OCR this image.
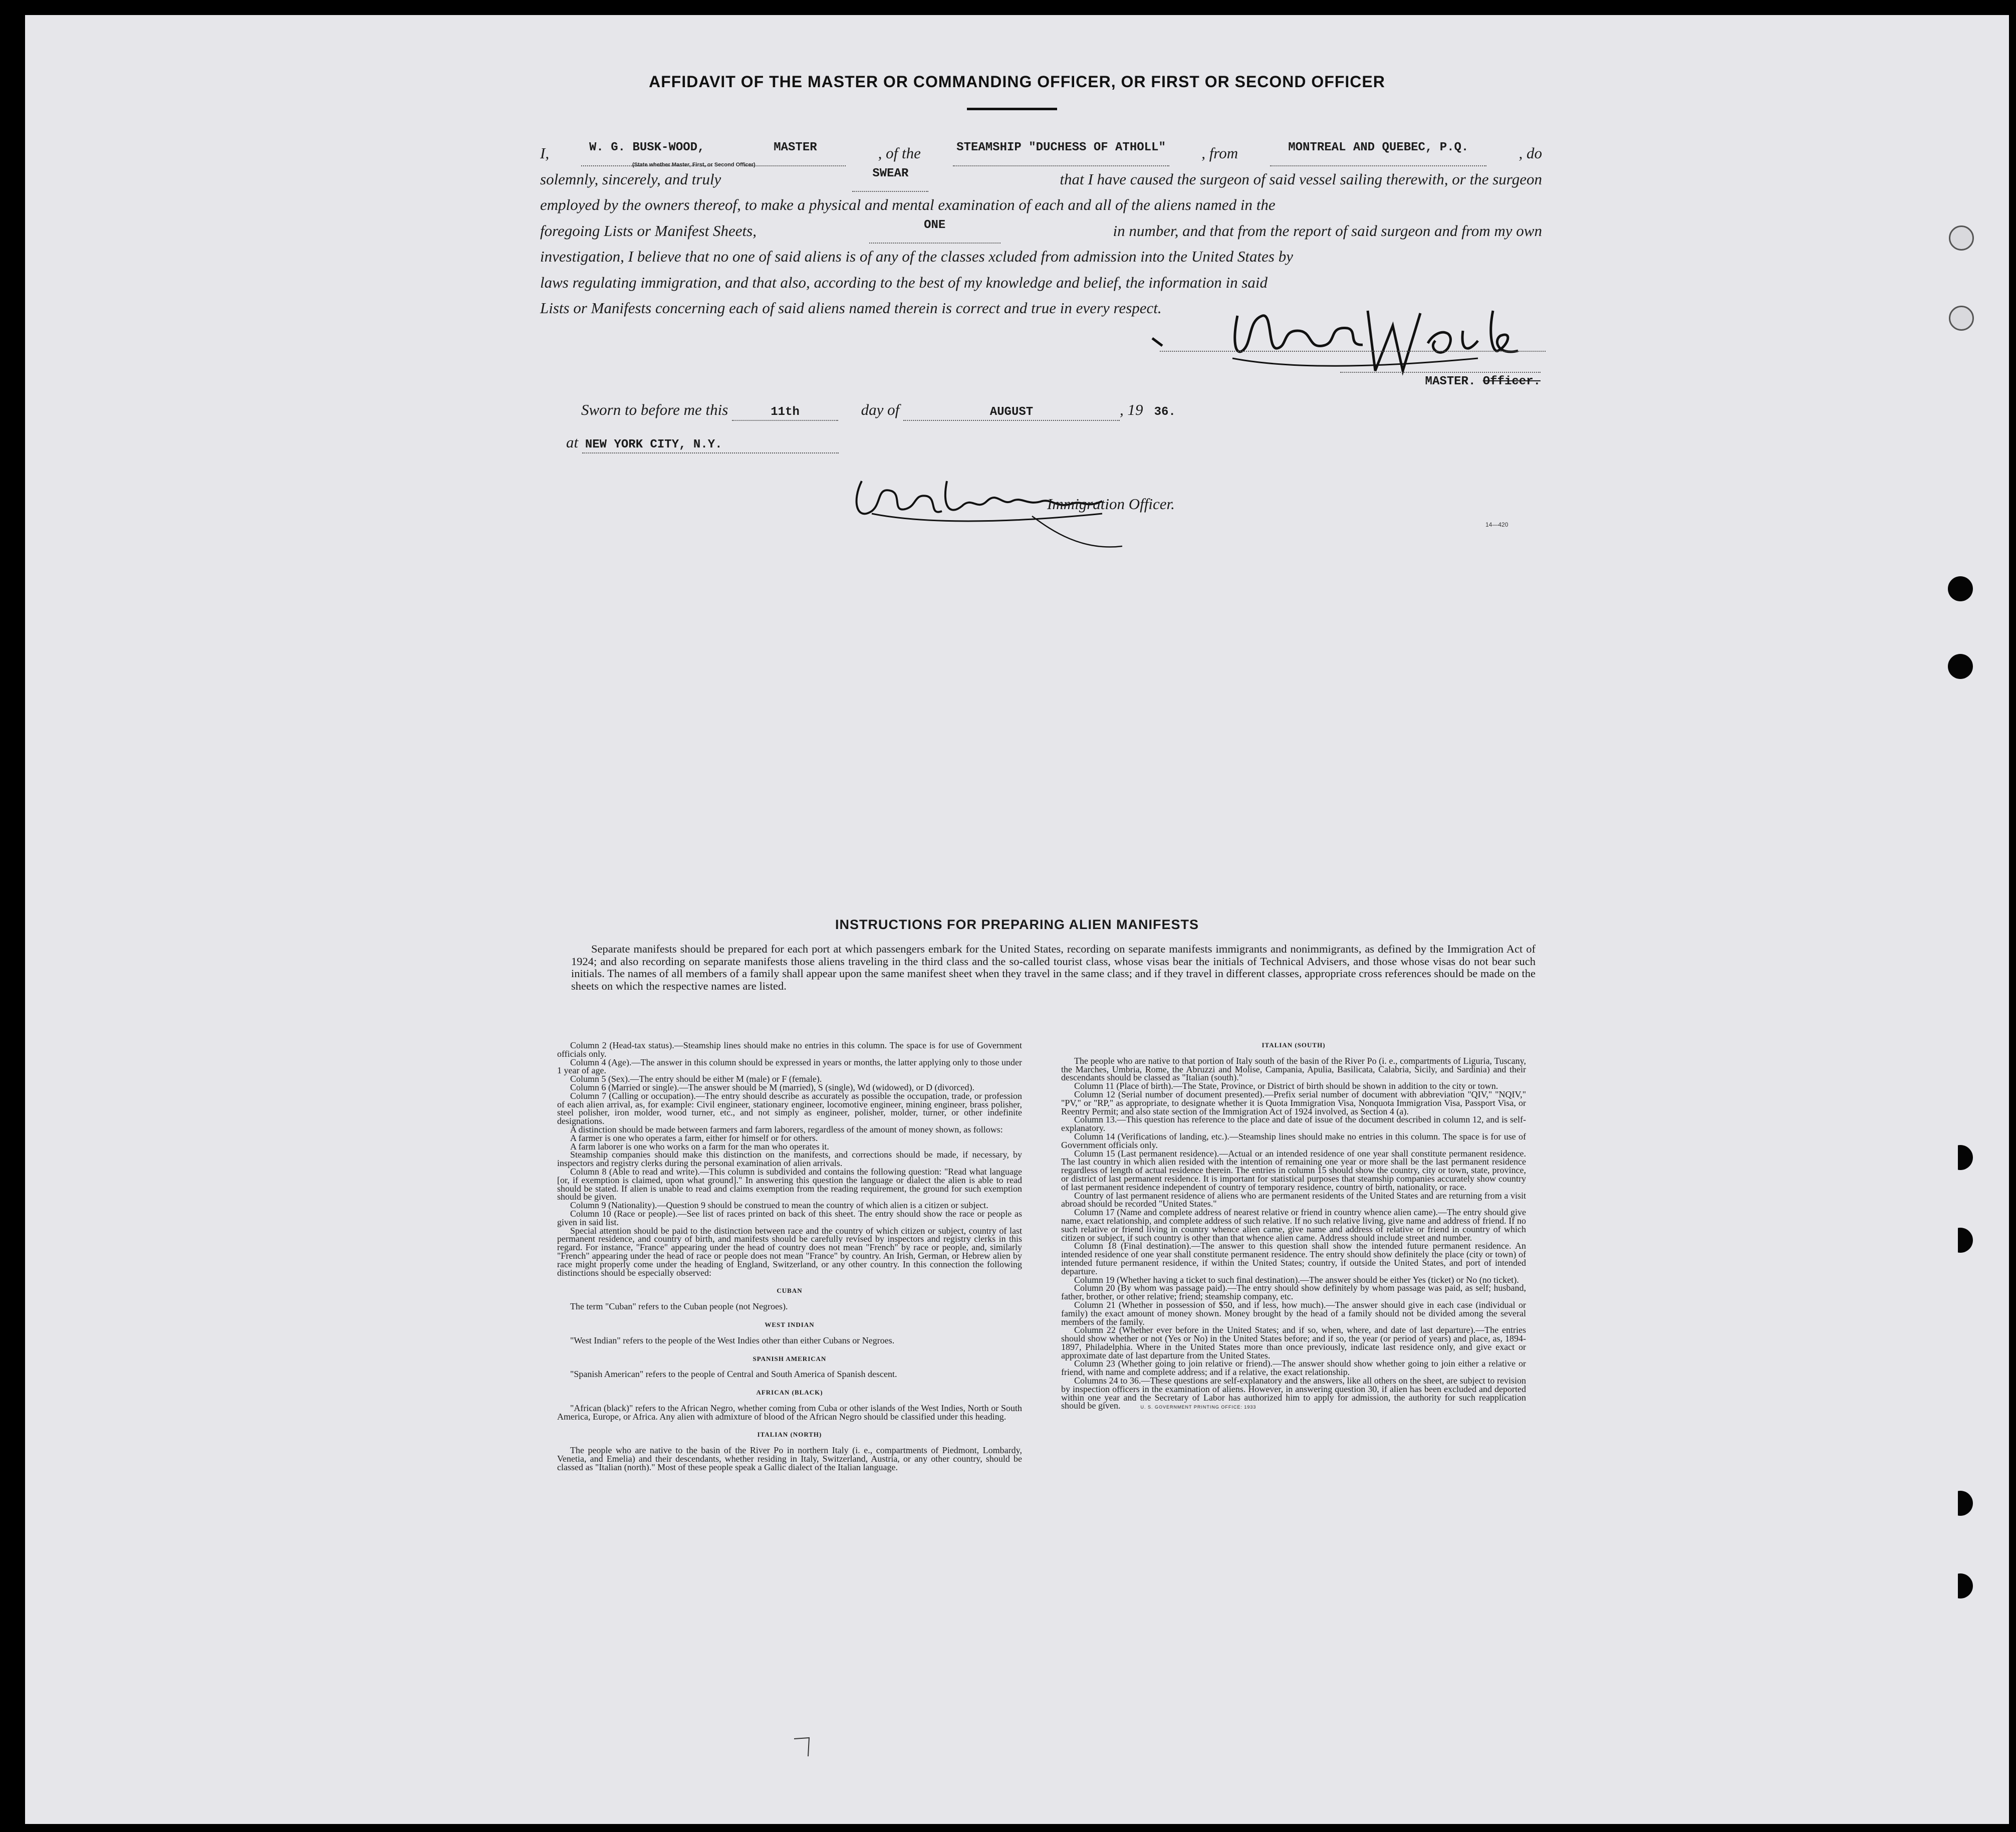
AFFIDAVIT OF THE MASTER OR COMMANDING OFFICER, OR FIRST OR SECOND OFFICER

I,	W. G. BUSK-WOOD,	MASTER	, of the	STEAMSHIP "DUCHESS OF ATHOLL" , from	MONTREAL AND QUEBEC, P.Q.	, do

solemnly, sincerely, and truly	SWEAR	that I have caused the surgeon of said vessel sailing therewith, or the surgeon

employed by the owners thereof, to make a physical and mental examination of each and all of the aliens named in the

foregoing Lists or Manifest Sheets,	ONE	in number, and that from the report of said surgeon and from my own

investigation, I believe that no one of said aliens is of any of the classes xcluded from admission into the United States by

laws regulating immigration, and that also, according to the best of my knowledge and belief, the information in said

Lists or Manifests concerning each of said aliens named therein is correct and true in every respect.

(State whether Master, First, or Second Officer)
MASTER. Officer.
Sworn to before me this	11th	day of	AUGUST	, 19 36.
at NEW YORK CITY, N.Y.
Immigration Officer.
14—420
INSTRUCTIONS FOR PREPARING ALIEN MANIFESTS
Separate manifests should be prepared for each port at which passengers embark for the United States, recording on separate manifests immigrants and nonimmigrants, as defined by the Immigration Act of 1924; and also recording on separate manifests those aliens traveling in the third class and the so-called tourist class, whose visas bear the initials of Technical Advisers, and those whose visas do not bear such initials. The names of all members of a family shall appear upon the same manifest sheet when they travel in the same class; and if they travel in different classes, appropriate cross references should be made on the sheets on which the respective names are listed.

Column 2 (Head-tax status).—Steamship lines should make no entries in this column. The space is for use of Government officials only.

Column 4 (Age).—The answer in this column should be expressed in years or months, the latter applying only to those under 1 year of age.

Column 5 (Sex).—The entry should be either M (male) or F (female).

Column 6 (Married or single).—The answer should be M (married), S (single), Wd (widowed), or D (divorced).

Column 7 (Calling or occupation).—The entry should describe as accurately as possible the occupation, trade, or profession of each alien arrival, as, for example: Civil engineer, stationary engineer, locomotive engineer, mining engineer, brass polisher, steel polisher, iron molder, wood turner, etc., and not simply as engineer, polisher, molder, turner, or other indefinite designations.

A distinction should be made between farmers and farm laborers, regardless of the amount of money shown, as follows:

A farmer is one who operates a farm, either for himself or for others.

A farm laborer is one who works on a farm for the man who operates it.

Steamship companies should make this distinction on the manifests, and corrections should be made, if necessary, by inspectors and registry clerks during the personal examination of alien arrivals.

Column 8 (Able to read and write).—This column is subdivided and contains the following question: "Read what language [or, if exemption is claimed, upon what ground]." In answering this question the language or dialect the alien is able to read should be stated. If alien is unable to read and claims exemption from the reading requirement, the ground for such exemption should be given.

Column 9 (Nationality).—Question 9 should be construed to mean the country of which alien is a citizen or subject.

Column 10 (Race or people).—See list of races printed on back of this sheet. The entry should show the race or people as given in said list.

Special attention should be paid to the distinction between race and the country of which citizen or subject, country of last permanent residence, and country of birth, and manifests should be carefully revised by inspectors and registry clerks in this regard. For instance, "France" appearing under the head of country does not mean "French" by race or people, and, similarly "French" appearing under the head of race or people does not mean "France" by country. An Irish, German, or Hebrew alien by race might properly come under the heading of England, Switzerland, or any other country. In this connection the following distinctions should be especially observed:

CUBAN

The term "Cuban" refers to the Cuban people (not Negroes).

WEST INDIAN

"West Indian" refers to the people of the West Indies other than either Cubans or Negroes.

SPANISH AMERICAN

"Spanish American" refers to the people of Central and South America of Spanish descent.

AFRICAN (BLACK)

"African (black)" refers to the African Negro, whether coming from Cuba or other islands of the West Indies, North or South America, Europe, or Africa. Any alien with admixture of blood of the African Negro should be classified under this heading.

ITALIAN (NORTH)

The people who are native to the basin of the River Po in northern Italy (i. e., compartments of Piedmont, Lombardy, Venetia, and Emelia) and their descendants, whether residing in Italy, Switzerland, Austria, or any other country, should be classed as "Italian (north)." Most of these people speak a Gallic dialect of the Italian language.

ITALIAN (SOUTH)

The people who are native to that portion of Italy south of the basin of the River Po (i. e., compartments of Liguria, Tuscany, the Marches, Umbria, Rome, the Abruzzi and Molise, Campania, Apulia, Basilicata, Calabria, Sicily, and Sardinia) and their descendants should be classed as "Italian (south)."

Column 11 (Place of birth).—The State, Province, or District of birth should be shown in addition to the city or town.

Column 12 (Serial number of document presented).—Prefix serial number of document with abbreviation "QIV," "NQIV," "PV," or "RP," as appropriate, to designate whether it is Quota Immigration Visa, Nonquota Immigration Visa, Passport Visa, or Reentry Permit; and also state section of the Immigration Act of 1924 involved, as Section 4 (a).

Column 13.—This question has reference to the place and date of issue of the document described in column 12, and is self-explanatory.

Column 14 (Verifications of landing, etc.).—Steamship lines should make no entries in this column. The space is for use of Government officials only.

Column 15 (Last permanent residence).—Actual or an intended residence of one year shall constitute permanent residence. The last country in which alien resided with the intention of remaining one year or more shall be the last permanent residence regardless of length of actual residence therein. The entries in column 15 should show the country, city or town, state, province, or district of last permanent residence. It is important for statistical purposes that steamship companies accurately show country of last permanent residence independent of country of temporary residence, country of birth, nationality, or race.

Country of last permanent residence of aliens who are permanent residents of the United States and are returning from a visit abroad should be recorded "United States."

Column 17 (Name and complete address of nearest relative or friend in country whence alien came).—The entry should give name, exact relationship, and complete address of such relative. If no such relative living, give name and address of friend. If no such relative or friend living in country whence alien came, give name and address of relative or friend in country of which citizen or subject, if such country is other than that whence alien came. Address should include street and number.

Column 18 (Final destination).—The answer to this question shall show the intended future permanent residence. An intended residence of one year shall constitute permanent residence. The entry should show definitely the place (city or town) of intended future permanent residence, if within the United States; country, if outside the United States, and port of intended departure.

Column 19 (Whether having a ticket to such final destination).—The answer should be either Yes (ticket) or No (no ticket).

Column 20 (By whom was passage paid).—The entry should show definitely by whom passage was paid, as self; husband, father, brother, or other relative; friend; steamship company, etc.

Column 21 (Whether in possession of $50, and if less, how much).—The answer should give in each case (individual or family) the exact amount of money shown. Money brought by the head of a family should not be divided among the several members of the family.

Column 22 (Whether ever before in the United States; and if so, when, where, and date of last departure).—The entries should show whether or not (Yes or No) in the United States before; and if so, the year (or period of years) and place, as, 1894-1897, Philadelphia. Where in the United States more than once previously, indicate last residence only, and give exact or approximate date of last departure from the United States.

Column 23 (Whether going to join relative or friend).—The answer should show whether going to join either a relative or friend, with name and complete address; and if a relative, the exact relationship.

Columns 24 to 36.—These questions are self-explanatory and the answers, like all others on the sheet, are subject to revision by inspection officers in the examination of aliens. However, in answering question 30, if alien has been excluded and deported within one year and the Secretary of Labor has authorized him to apply for admission, the authority for such reapplication should be given.	U. S. GOVERNMENT PRINTING OFFICE: 1933
